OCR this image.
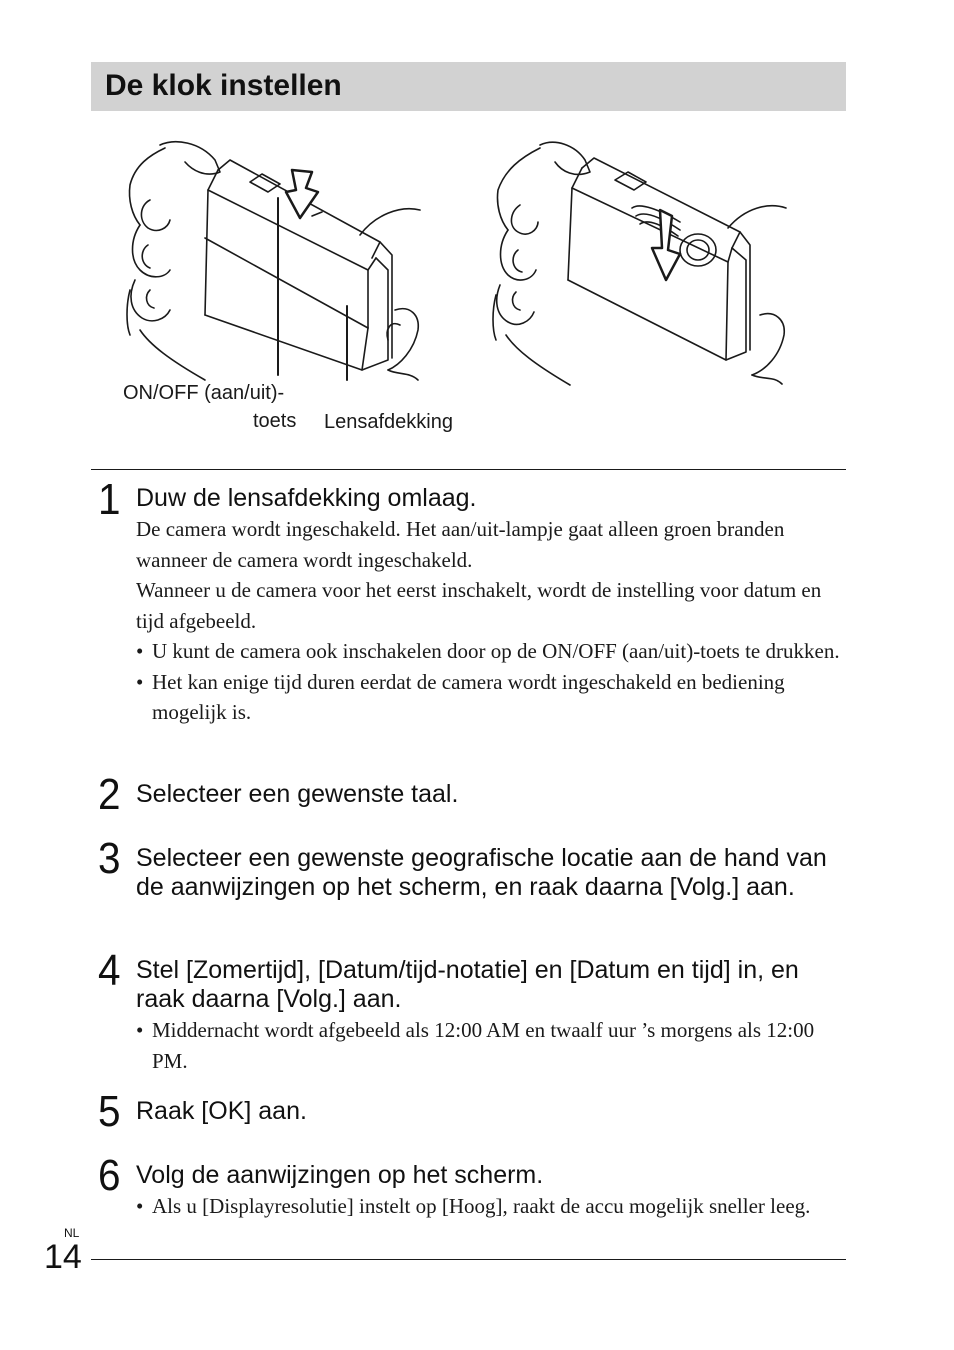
De klok instellen
ON/OFF (aan/uit)-
toets Lensafdekking
1 Duw de lensafdekking omlaag.

De camera wordt ingeschakeld. Het aan/uit-lampje gaat alleen groen branden wanneer de camera wordt ingeschakeld.

Wanneer u de camera voor het eerst inschakelt, wordt de instelling voor datum en tijd afgebeeld.

• U kunt de camera ook inschakelen door op de ON/OFF (aan/uit)-toets te drukken.

• Het kan enige tijd duren eerdat de camera wordt ingeschakeld en bediening mogelijk is.

2 Selecteer een gewenste taal.
3 Selecteer een gewenste geografische locatie aan de hand van de aanwijzingen op het scherm, en raak daarna [Volg.] aan.
4 Stel [Zomertijd], [Datum/tijd-notatie] en [Datum en tijd] in, en raak daarna [Volg.] aan.

• Middernacht wordt afgebeeld als 12:00 AM en twaalf uur ’s morgens als 12:00 PM.

5 Raak [OK] aan.
6 Volg de aanwijzingen op het scherm.

• Als u [Displayresolutie] instelt op [Hoog], raakt de accu mogelijk sneller leeg.

NL
14
